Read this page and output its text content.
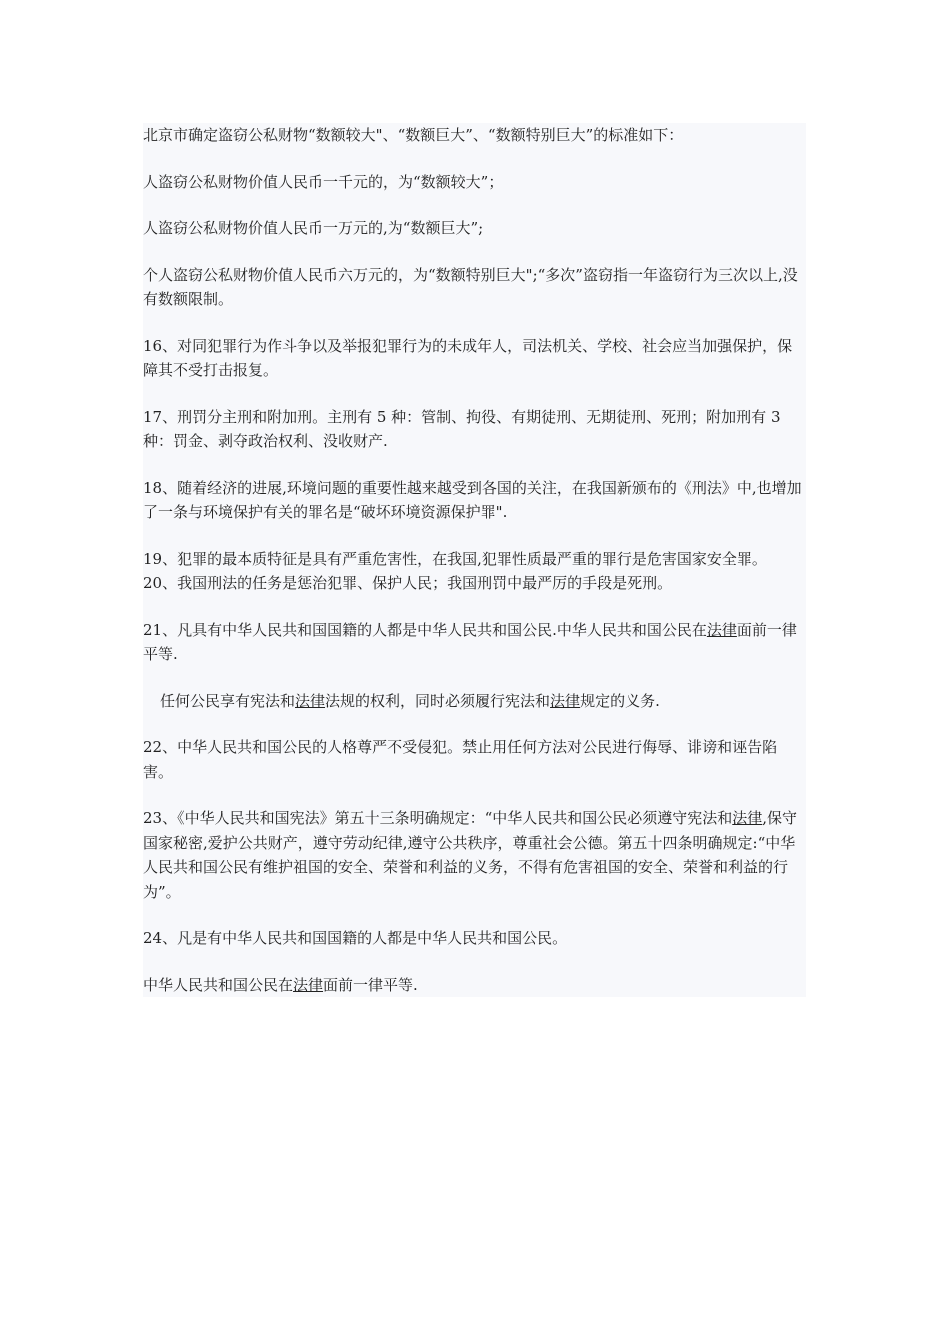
北京市确定盗窃公私财物“数额较大"、“数额巨大”、“数额特别巨大”的标准如下：

人盗窃公私财物价值人民币一千元的，为“数额较大”；

人盗窃公私财物价值人民币一万元的,为“数额巨大”;

个人盗窃公私财物价值人民币六万元的，为“数额特别巨大";“多次”盗窃指一年盗窃行为三次以上,没有数额限制。

16、对同犯罪行为作斗争以及举报犯罪行为的未成年人，司法机关、学校、社会应当加强保护，保障其不受打击报复。

17、刑罚分主刑和附加刑。主刑有 5 种：管制、拘役、有期徒刑、无期徒刑、死刑；附加刑有 3 种：罚金、剥夺政治权利、没收财产.

18、随着经济的进展,环境问题的重要性越来越受到各国的关注，在我国新颁布的《刑法》中,也增加了一条与环境保护有关的罪名是“破坏环境资源保护罪".

19、犯罪的最本质特征是具有严重危害性，在我国,犯罪性质最严重的罪行是危害国家安全罪。

20、我国刑法的任务是惩治犯罪、保护人民；我国刑罚中最严厉的手段是死刑。

21、凡具有中华人民共和国国籍的人都是中华人民共和国公民.中华人民共和国公民在法律面前一律平等.

任何公民享有宪法和法律法规的权利，同时必须履行宪法和法律规定的义务.

22、中华人民共和国公民的人格尊严不受侵犯。禁止用任何方法对公民进行侮辱、诽谤和诬告陷害。

23、《中华人民共和国宪法》第五十三条明确规定：“中华人民共和国公民必须遵守宪法和法律,保守国家秘密,爱护公共财产，遵守劳动纪律,遵守公共秩序，尊重社会公德。第五十四条明确规定:“中华人民共和国公民有维护祖国的安全、荣誉和利益的义务，不得有危害祖国的安全、荣誉和利益的行为”。

24、凡是有中华人民共和国国籍的人都是中华人民共和国公民。

中华人民共和国公民在法律面前一律平等.
